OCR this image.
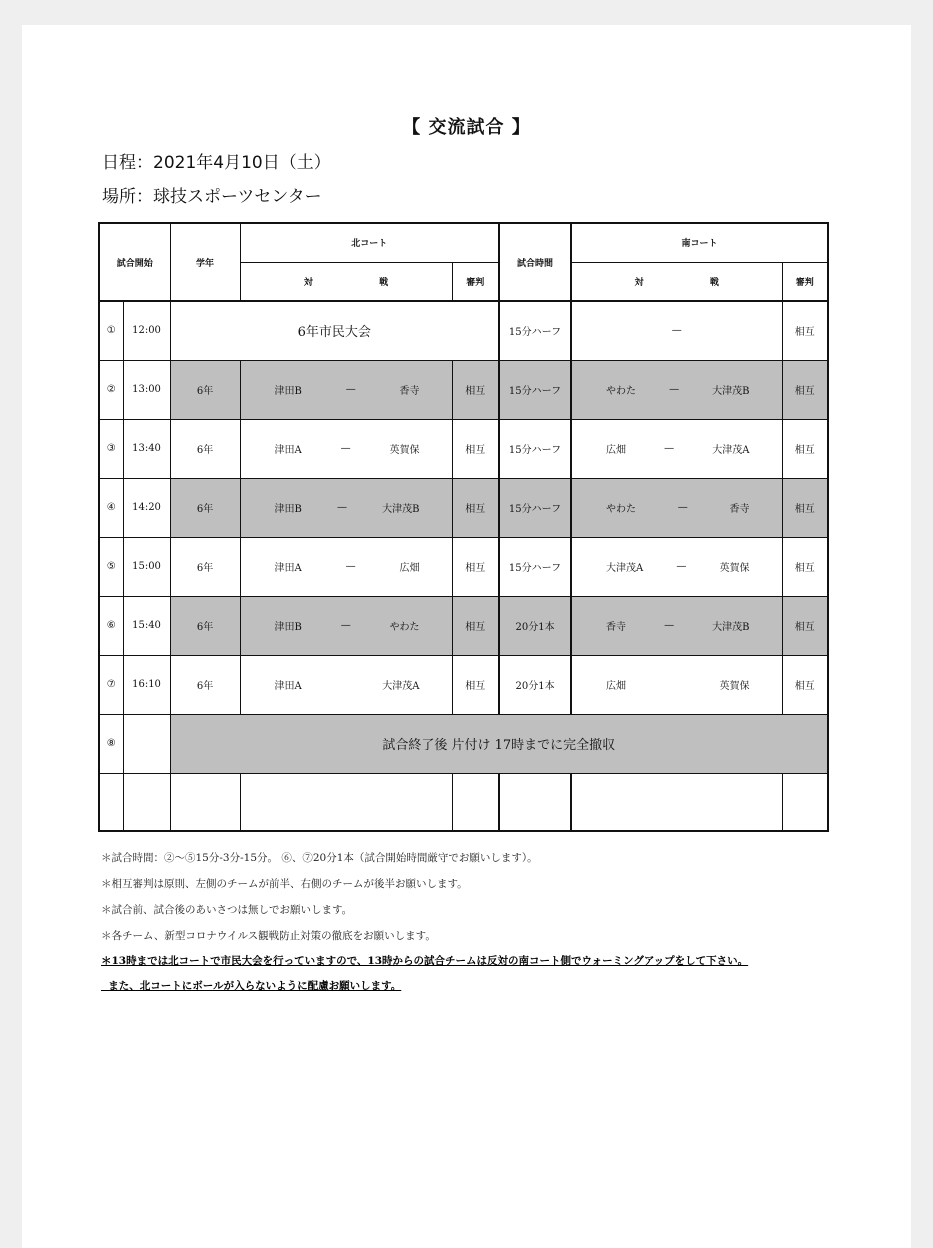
【 交流試合 】
日程：2021年4月10日（土）
場所：球技スポーツセンター
試合開始		学年	北コート		試合時間	南コート	
			対 戦	審判		対 戦	審判
①	12:00	6年市民大会			15分ハーフ	—	相互
②	13:00	6年	津田B — 香寺	相互	15分ハーフ	やわた — 大津茂B	相互
③	13:40	6年	津田A — 英賀保	相互	15分ハーフ	広畑 — 大津茂A	相互
④	14:20	6年	津田B — 大津茂B	相互	15分ハーフ	やわた — 香寺	相互
⑤	15:00	6年	津田A — 広畑	相互	15分ハーフ	大津茂A — 英賀保	相互
⑥	15:40	6年	津田B — やわた	相互	20分1本	香寺 — 大津茂B	相互
⑦	16:10	6年	津田A 大津茂A	相互	20分1本	広畑 英賀保	相互
⑧		試合終了後 片付け 17時までに完全撤収					

＊試合時間：②～⑤15分-3分-15分。 ⑥、⑦20分1本（試合開始時間厳守でお願いします）。
＊相互審判は原則、左側のチームが前半、右側のチームが後半お願いします。
＊試合前、試合後のあいさつは無しでお願いします。
＊各チーム、新型コロナウイルス観戦防止対策の徹底をお願いします。
＊13時までは北コートで市民大会を行っていますので、13時からの試合チームは反対の南コート側でウォーミングアップをして下さい。
また、北コートにボールが入らないように配慮お願いします。
